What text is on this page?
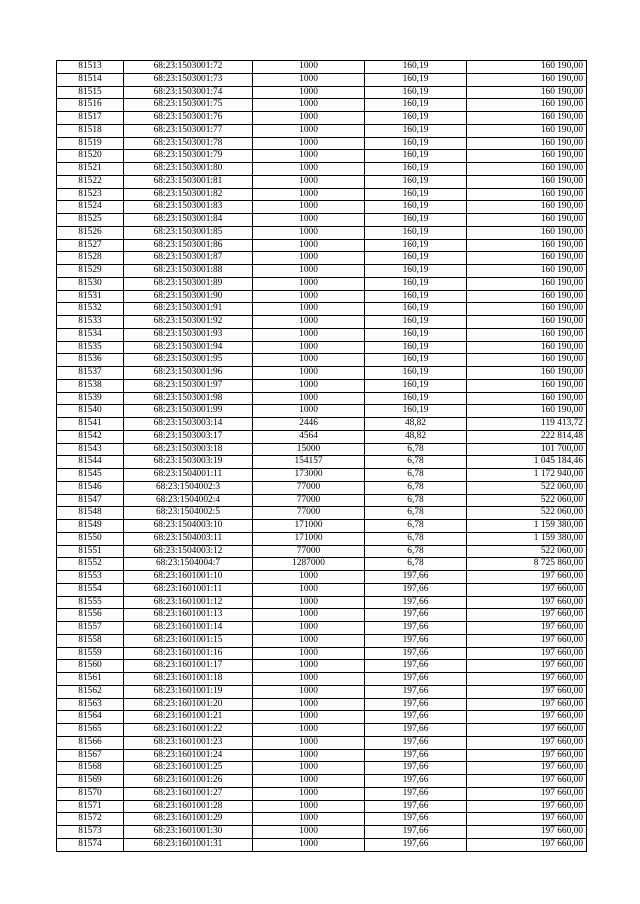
81513	68:23:1503001:72	1000	160,19	160 190,00
81514	68:23:1503001:73	1000	160,19	160 190,00
81515	68:23:1503001:74	1000	160,19	160 190,00
81516	68:23:1503001:75	1000	160,19	160 190,00
81517	68:23:1503001:76	1000	160,19	160 190,00
81518	68:23:1503001:77	1000	160,19	160 190,00
81519	68:23:1503001:78	1000	160,19	160 190,00
81520	68:23:1503001:79	1000	160,19	160 190,00
81521	68:23:1503001:80	1000	160,19	160 190,00
81522	68:23:1503001:81	1000	160,19	160 190,00
81523	68:23:1503001:82	1000	160,19	160 190,00
81524	68:23:1503001:83	1000	160,19	160 190,00
81525	68:23:1503001:84	1000	160,19	160 190,00
81526	68:23:1503001:85	1000	160,19	160 190,00
81527	68:23:1503001:86	1000	160,19	160 190,00
81528	68:23:1503001:87	1000	160,19	160 190,00
81529	68:23:1503001:88	1000	160,19	160 190,00
81530	68:23:1503001:89	1000	160,19	160 190,00
81531	68:23:1503001:90	1000	160,19	160 190,00
81532	68:23:1503001:91	1000	160,19	160 190,00
81533	68:23:1503001:92	1000	160,19	160 190,00
81534	68:23:1503001:93	1000	160,19	160 190,00
81535	68:23:1503001:94	1000	160,19	160 190,00
81536	68:23:1503001:95	1000	160,19	160 190,00
81537	68:23:1503001:96	1000	160,19	160 190,00
81538	68:23:1503001:97	1000	160,19	160 190,00
81539	68:23:1503001:98	1000	160,19	160 190,00
81540	68:23:1503001:99	1000	160,19	160 190,00
81541	68:23:1503003:14	2446	48,82	119 413,72
81542	68:23:1503003:17	4564	48,82	222 814,48
81543	68:23:1503003:18	15000	6,78	101 700,00
81544	68:23:1503003:19	154157	6,78	1 045 184,46
81545	68:23:1504001:11	173000	6,78	1 172 940,00
81546	68:23:1504002:3	77000	6,78	522 060,00
81547	68:23:1504002:4	77000	6,78	522 060,00
81548	68:23:1504002:5	77000	6,78	522 060,00
81549	68:23:1504003:10	171000	6,78	1 159 380,00
81550	68:23:1504003:11	171000	6,78	1 159 380,00
81551	68:23:1504003:12	77000	6,78	522 060,00
81552	68:23:1504004:7	1287000	6,78	8 725 860,00
81553	68:23:1601001:10	1000	197,66	197 660,00
81554	68:23:1601001:11	1000	197,66	197 660,00
81555	68:23:1601001:12	1000	197,66	197 660,00
81556	68:23:1601001:13	1000	197,66	197 660,00
81557	68:23:1601001:14	1000	197,66	197 660,00
81558	68:23:1601001:15	1000	197,66	197 660,00
81559	68:23:1601001:16	1000	197,66	197 660,00
81560	68:23:1601001:17	1000	197,66	197 660,00
81561	68:23:1601001:18	1000	197,66	197 660,00
81562	68:23:1601001:19	1000	197,66	197 660,00
81563	68:23:1601001:20	1000	197,66	197 660,00
81564	68:23:1601001:21	1000	197,66	197 660,00
81565	68:23:1601001:22	1000	197,66	197 660,00
81566	68:23:1601001:23	1000	197,66	197 660,00
81567	68:23:1601001:24	1000	197,66	197 660,00
81568	68:23:1601001:25	1000	197,66	197 660,00
81569	68:23:1601001:26	1000	197,66	197 660,00
81570	68:23:1601001:27	1000	197,66	197 660,00
81571	68:23:1601001:28	1000	197,66	197 660,00
81572	68:23:1601001:29	1000	197,66	197 660,00
81573	68:23:1601001:30	1000	197,66	197 660,00
81574	68:23:1601001:31	1000	197,66	197 660,00
